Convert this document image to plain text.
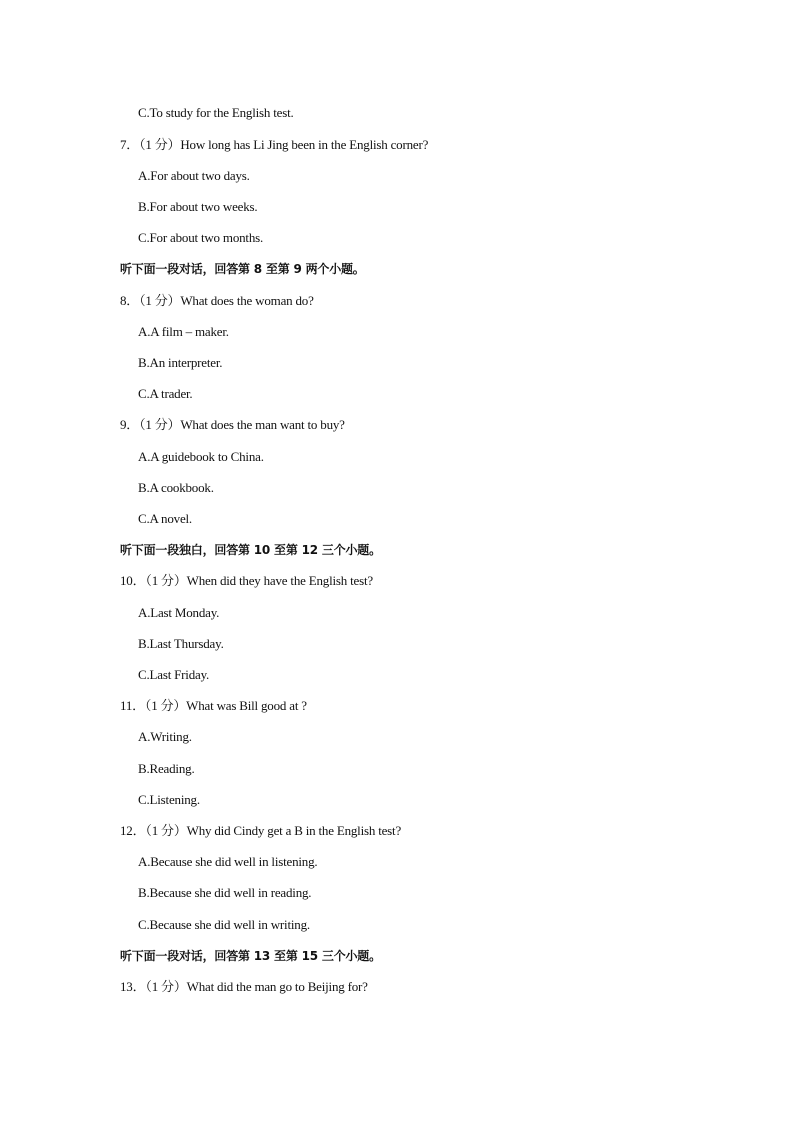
C.To study for the English test.
7．（1 分）How long has Li Jing been in the English corner?
A.For about two days.
B.For about two weeks.
C.For about two months.
听下面一段对话，回答第 8 至第 9 两个小题。
8．（1 分）What does the woman do?
A.A film – maker.
B.An interpreter.
C.A trader.
9．（1 分）What does the man want to buy?
A.A guidebook to China.
B.A cookbook.
C.A novel.
听下面一段独白，回答第 10 至第 12 三个小题。
10．（1 分）When did they have the English test?
A.Last Monday.
B.Last Thursday.
C.Last Friday.
11．（1 分）What was Bill good at ?
A.Writing.
B.Reading.
C.Listening.
12．（1 分）Why did Cindy get a B in the English test?
A.Because she did well in listening.
B.Because she did well in reading.
C.Because she did well in writing.
听下面一段对话，回答第 13 至第 15 三个小题。
13．（1 分）What did the man go to Beijing for?
